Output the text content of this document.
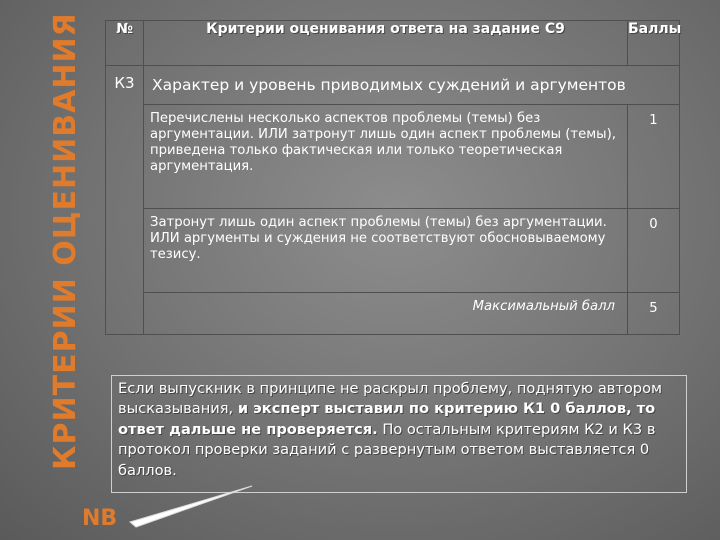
КРИТЕРИИ ОЦЕНИВАНИЯ №	Критерии оценивания ответа на задание С9	Баллы
К3	Характер и уровень приводимых суждений и аргументов	
	Перечислены несколько аспектов проблемы (темы) без аргументации. ИЛИ затронут лишь один аспект проблемы (темы), приведена только фактическая или только теоретическая аргументация.	1
	Затронут лишь один аспект проблемы (темы) без аргументации. ИЛИ аргументы и суждения не соответствуют обосновываемому тезису.	0
	Максимальный балл	5
Если выпускник в принципе не раскрыл проблему, поднятую автором высказывания, и эксперт выставил по критерию К1 0 баллов, то ответ дальше не проверяется. По остальным критериям К2 и К3 в протокол проверки заданий с развернутым ответом выставляется 0 баллов.
NB
